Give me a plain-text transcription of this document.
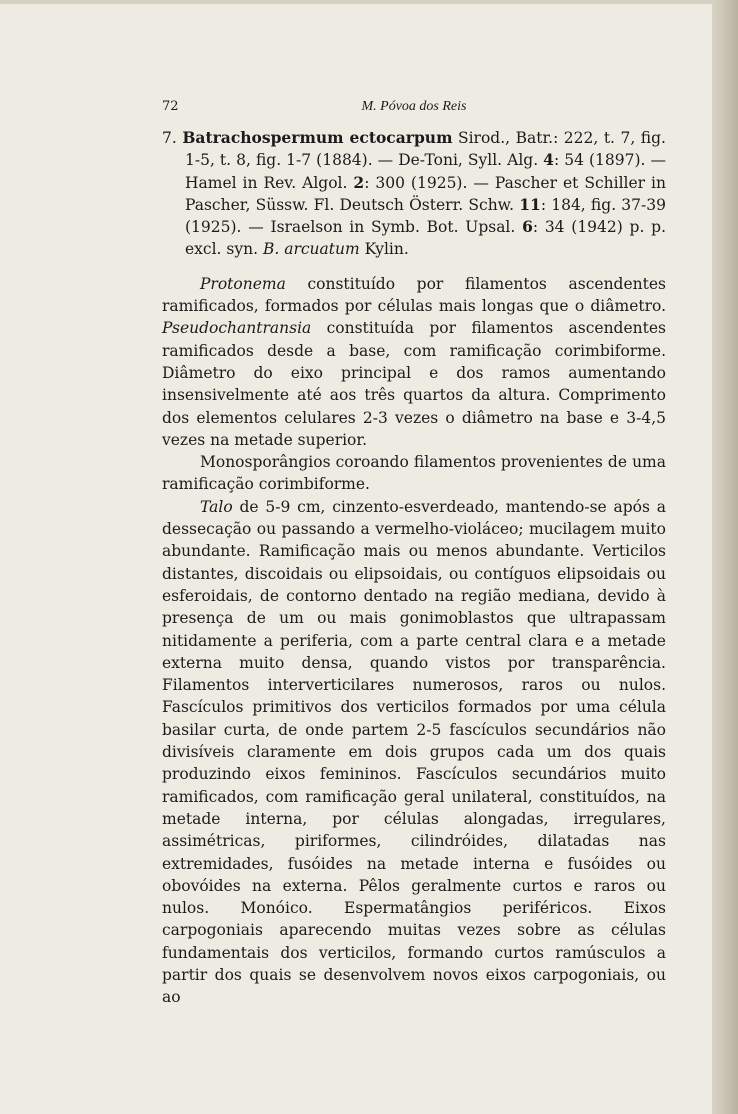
72	M. Póvoa dos Reis

7. Batrachospermum ectocarpum Sirod., Batr.: 222, t. 7, fig. 1-5, t. 8, fig. 1-7 (1884). — De-Toni, Syll. Alg. 4: 54 (1897). — Hamel in Rev. Algol. 2: 300 (1925). — Pascher et Schiller in Pascher, Süssw. Fl. Deutsch Österr. Schw. 11: 184, fig. 37-39 (1925). — Israelson in Symb. Bot. Upsal. 6: 34 (1942) p. p. excl. syn. B. arcuatum Kylin.

Protonema constituído por filamentos ascendentes ramificados, formados por células mais longas que o diâmetro. Pseudochantransia constituída por filamentos ascendentes ramificados desde a base, com ramificação corimbiforme. Diâmetro do eixo principal e dos ramos aumentando insensivelmente até aos três quartos da altura. Comprimento dos elementos celulares 2-3 vezes o diâmetro na base e 3-4,5 vezes na metade superior.

Monosporângios coroando filamentos provenientes de uma ramificação corimbiforme.

Talo de 5-9 cm, cinzento-esverdeado, mantendo-se após a dessecação ou passando a vermelho-violáceo; mucilagem muito abundante. Ramificação mais ou menos abundante. Verticilos distantes, discoidais ou elipsoidais, ou contíguos elipsoidais ou esferoidais, de contorno dentado na região mediana, devido à presença de um ou mais gonimoblastos que ultrapassam nitidamente a periferia, com a parte central clara e a metade externa muito densa, quando vistos por transparência. Filamentos interverticilares numerosos, raros ou nulos. Fascículos primitivos dos verticilos formados por uma célula basilar curta, de onde partem 2-5 fascículos secundários não divisíveis claramente em dois grupos cada um dos quais produzindo eixos femininos. Fascículos secundários muito ramificados, com ramificação geral unilateral, constituídos, na metade interna, por células alongadas, irregulares, assimétricas, piriformes, cilindróides, dilatadas nas extremidades, fusóides na metade interna e fusóides ou obovóides na externa. Pêlos geralmente curtos e raros ou nulos. Monóico. Espermatângios periféricos. Eixos carpogoniais aparecendo muitas vezes sobre as células fundamentais dos verticilos, formando curtos ramúsculos a partir dos quais se desenvolvem novos eixos carpogoniais, ou ao
